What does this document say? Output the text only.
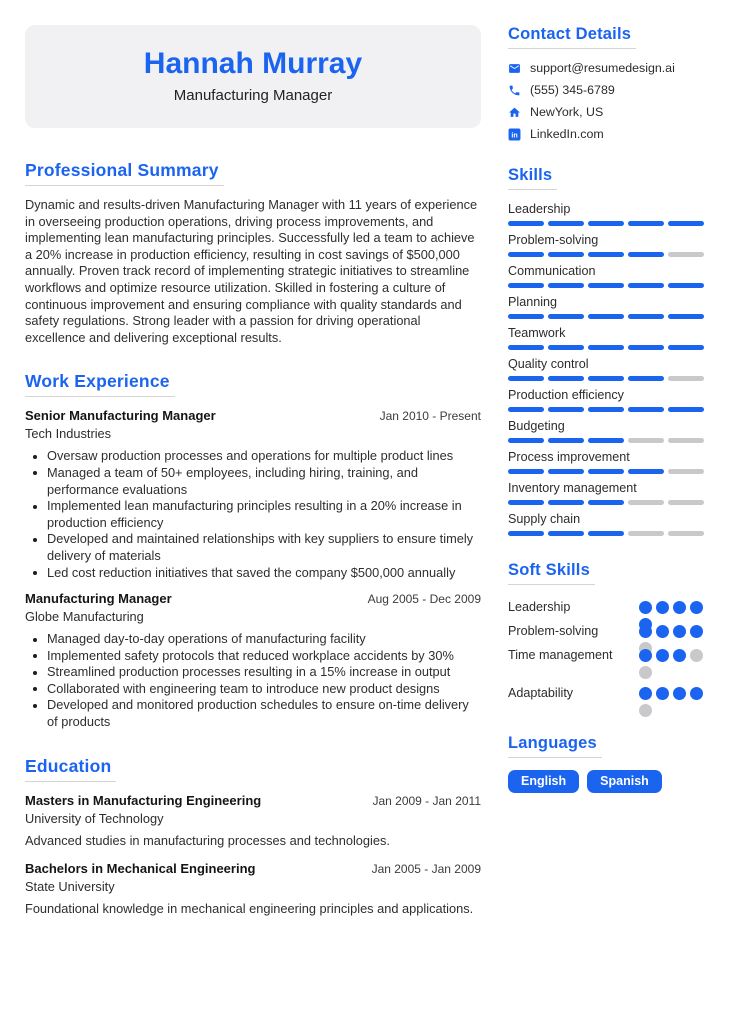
Hannah Murray
Manufacturing Manager
Professional Summary

Dynamic and results-driven Manufacturing Manager with 11 years of experience in overseeing production operations, driving process improvements, and implementing lean manufacturing principles. Successfully led a team to achieve a 20% increase in production efficiency, resulting in cost savings of $500,000 annually. Proven track record of implementing strategic initiatives to streamline workflows and optimize resource utilization. Skilled in fostering a culture of continuous improvement and ensuring compliance with quality standards and safety regulations. Strong leader with a passion for driving operational excellence and delivering exceptional results.

Work Experience
Senior Manufacturing Manager	Jan 2010 - Present
Tech Industries
Oversaw production processes and operations for multiple product lines
Managed a team of 50+ employees, including hiring, training, and performance evaluations
Implemented lean manufacturing principles resulting in a 20% increase in production efficiency
Developed and maintained relationships with key suppliers to ensure timely delivery of materials
Led cost reduction initiatives that saved the company $500,000 annually
Manufacturing Manager	Aug 2005 - Dec 2009
Globe Manufacturing
Managed day-to-day operations of manufacturing facility
Implemented safety protocols that reduced workplace accidents by 30%
Streamlined production processes resulting in a 15% increase in output
Collaborated with engineering team to introduce new product designs
Developed and monitored production schedules to ensure on-time delivery of products
Education
Masters in Manufacturing Engineering	Jan 2009 - Jan 2011
University of Technology
Advanced studies in manufacturing processes and technologies.
Bachelors in Mechanical Engineering	Jan 2005 - Jan 2009
State University
Foundational knowledge in mechanical engineering principles and applications.
Contact Details
support@resumedesign.ai
(555) 345-6789
NewYork, US
in LinkedIn.com
Skills
Leadership
Problem-solving
Communication
Planning
Teamwork
Quality control
Production efficiency
Budgeting
Process improvement
Inventory management
Supply chain
Soft Skills
Leadership
Problem-solving
Time management
Adaptability
Languages
English	Spanish
